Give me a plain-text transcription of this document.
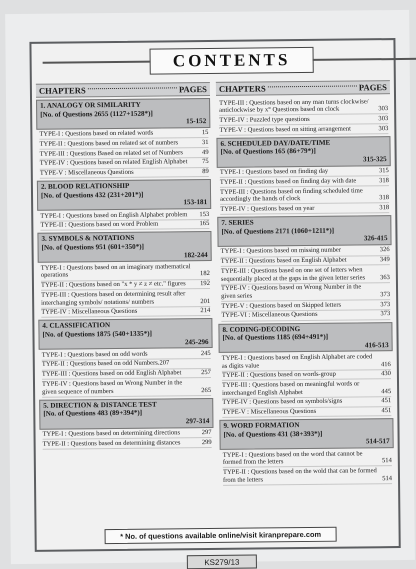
CONTENTS
CHAPTERS	PAGES CHAPTERS	PAGES
1. ANALOGY OR SIMILARITY
[No. of Questions 2655 (1127+1528*)]
15-152
TYPE-I : Questions based on related words	15
TYPE-II : Questions based on related set of numbers	31
TYPE-III : Questions Based on related set of Numbers	49
TYPE-IV : Questions based on related English Alphabet	75
TYPE-V : Miscellaneous Questions	89
2. BLOOD RELATIONSHIP
[No. of Questions 432 (231+201*)]
153-181
TYPE-I : Questions based on English Alphabet problem	153
TYPE-II : Questions based on word Problem	165
3. SYMBOLS & NOTATIONS
[No. of Questions 951 (601+350*)]
182-244
TYPE-I : Questions based on an imaginary mathematical operations	182
TYPE-II : Questions based on "x * y ≠ z ≠ etc." figures	192
TYPE-III : Questions based on determining result after interchanging symbols/ notations/ numbers	201
TYPE-IV : Miscellaneous Questions	214
4. CLASSIFICATION
[No. of Questions 1875 (540+1335*)]
245-296
TYPE-I : Questions based on odd words	245
TYPE-II : Questions based on odd Numbers.207
TYPE-III : Questions based on odd English Alphabet	257
TYPE-IV : Questions based on Wrong Number in the given sequence of numbers	265
5. DIRECTION & DISTANCE TEST
[No. of Questions 483 (89+394*)]
297-314
TYPE-I : Questions based on determining directions	297
TYPE-II : Questions based on determining distances	299
TYPE-III : Questions based on any man turns clockwise/ anticlockwise by x° Questions based on clock	303
TYPE-IV : Puzzled type questions	303
TYPE-V : Questions based on sitting arrangement	303
6. SCHEDULED DAY/DATE/TIME
[No. of Questions 165 (86+79*)]
315-325
TYPE-I : Questions based on finding day	315
TYPE-II : Questions based on finding day with date	318
TYPE-III : Questions based on finding scheduled time accordingly the hands of clock	318
TYPE-IV : Questions based on year	318
7. SERIES
[No. of Questions 2171 (1060+1211*)]
326-415
TYPE-I : Questions based on missing number	326
TYPE-II : Questions based on English Alphabet	349
TYPE-III : Questions based on one set of letters when sequentially placed at the gaps in the given letter series	363
TYPE-IV : Questions based on Wrong Number in the given series	373
TYPE-V : Questions based on Skipped letters	373
TYPE-VI : Miscellaneous Questions	373
8. CODING-DECODING
[No. of Questions 1185 (694+491*)]
416-513
TYPE-I : Questions based on English Alphabet are coded as digits value	416
TYPE-II : Questions based on words-group	430
TYPE-III : Questions based on meaningful words or interchanged English Alphabet	445
TYPE-IV : Questions based on symbols/signs	451
TYPE-V : Miscellaneous Questions	451
9. WORD FORMATION
[No. of Questions 431 (38+393*)]
514-517
TYPE-I : Questions based on the word that cannot be formed from the letters	514
TYPE-II : Questions based on the wold that can be formed from the letters	514
* No. of questions available online/visit kiranprepare.com
KS279/13
